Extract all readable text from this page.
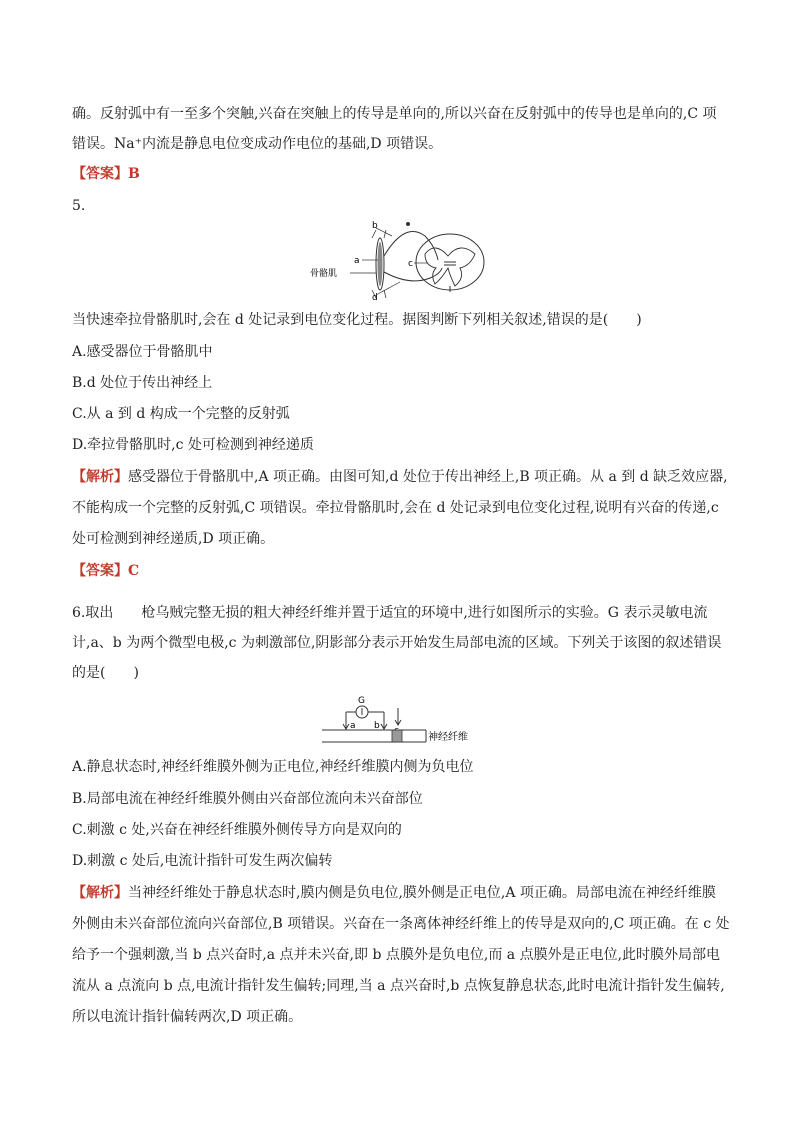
确。反射弧中有一至多个突触,兴奋在突触上的传导是单向的,所以兴奋在反射弧中的传导也是单向的,C 项
错误。Na⁺内流是静息电位变成动作电位的基础,D 项错误。
【答案】B
5.
a
骨骼肌
b
c
d
当快速牵拉骨骼肌时,会在 d 处记录到电位变化过程。据图判断下列相关叙述,错误的是(　　)
A.感受器位于骨骼肌中
B.d 处位于传出神经上
C.从 a 到 d 构成一个完整的反射弧
D.牵拉骨骼肌时,c 处可检测到神经递质
【解析】感受器位于骨骼肌中,A 项正确。由图可知,d 处位于传出神经上,B 项正确。从 a 到 d 缺乏效应器,
不能构成一个完整的反射弧,C 项错误。牵拉骨骼肌时,会在 d 处记录到电位变化过程,说明有兴奋的传递,c
处可检测到神经递质,D 项正确。
【答案】C
6.取出　　枪乌贼完整无损的粗大神经纤维并置于适宜的环境中,进行如图所示的实验。G 表示灵敏电流
计,a、b 为两个微型电极,c 为刺激部位,阴影部分表示开始发生局部电流的区域。下列关于该图的叙述错误
的是(　　)
G
a b
神经纤维
A.静息状态时,神经纤维膜外侧为正电位,神经纤维膜内侧为负电位
B.局部电流在神经纤维膜外侧由兴奋部位流向未兴奋部位
C.刺激 c 处,兴奋在神经纤维膜外侧传导方向是双向的
D.刺激 c 处后,电流计指针可发生两次偏转
【解析】当神经纤维处于静息状态时,膜内侧是负电位,膜外侧是正电位,A 项正确。局部电流在神经纤维膜
外侧由未兴奋部位流向兴奋部位,B 项错误。兴奋在一条离体神经纤维上的传导是双向的,C 项正确。在 c 处
给予一个强刺激,当 b 点兴奋时,a 点并未兴奋,即 b 点膜外是负电位,而 a 点膜外是正电位,此时膜外局部电
流从 a 点流向 b 点,电流计指针发生偏转;同理,当 a 点兴奋时,b 点恢复静息状态,此时电流计指针发生偏转,
所以电流计指针偏转两次,D 项正确。
